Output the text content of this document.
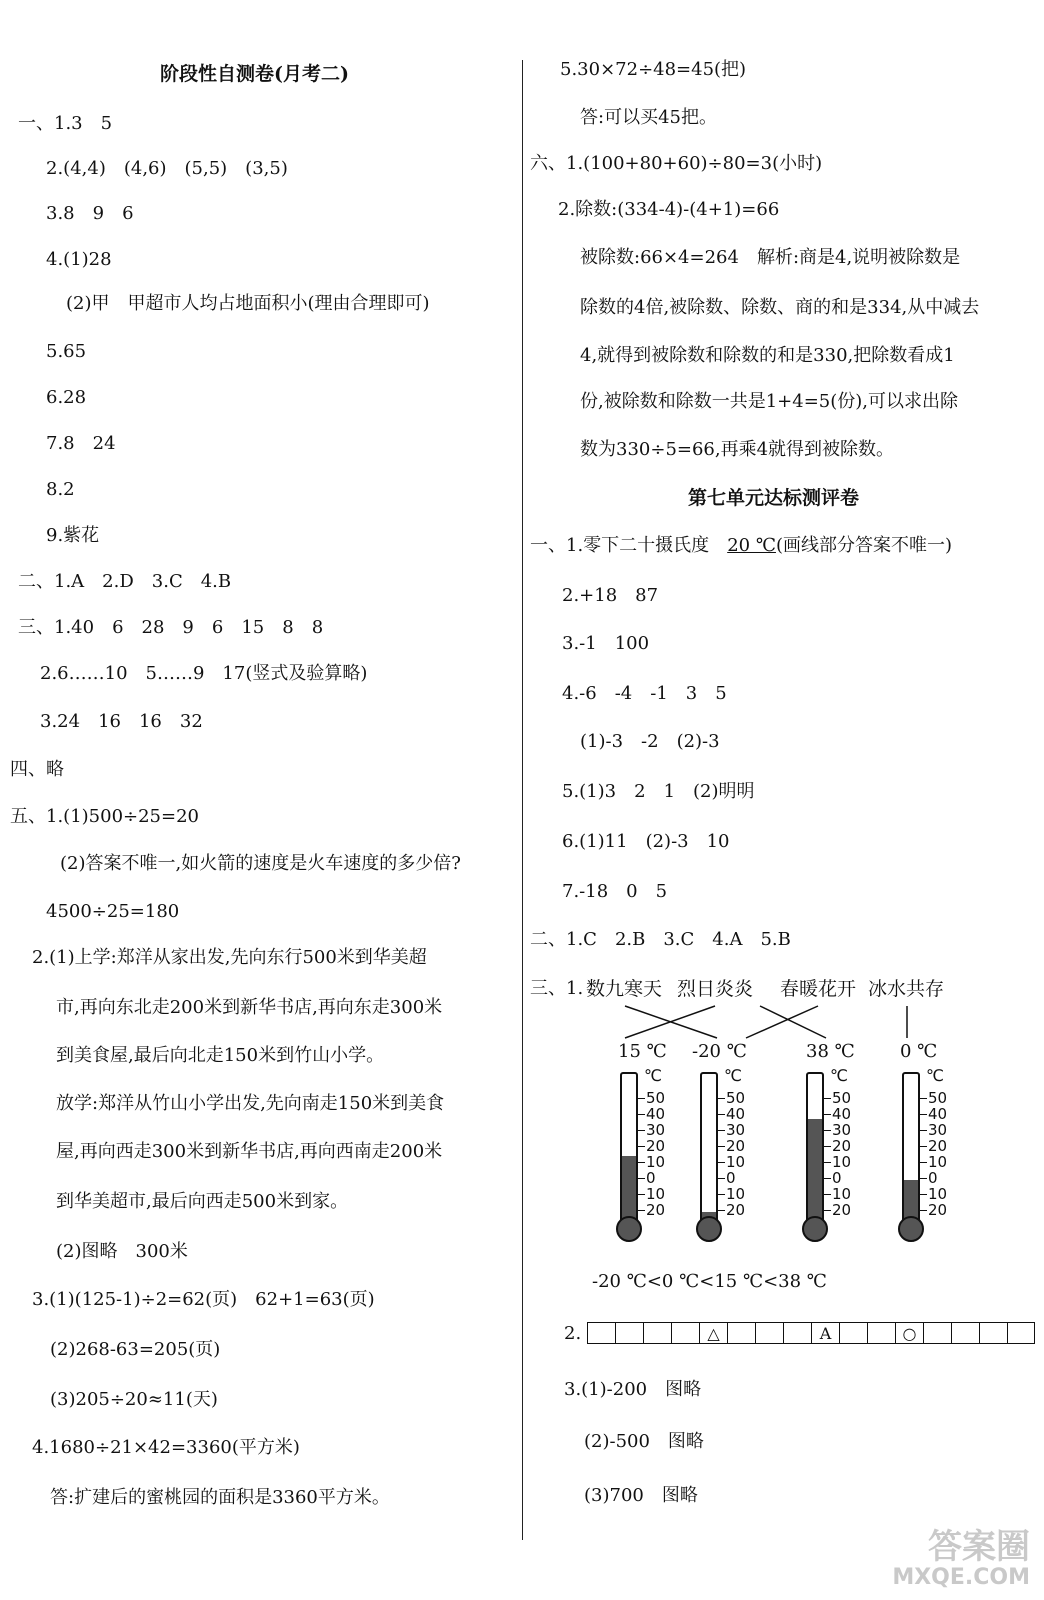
阶段性自测卷(月考二)
一、1.3　5
2.(4,4)　(4,6)　(5,5)　(3,5)
3.8　9　6
4.(1)28
(2)甲　甲超市人均占地面积小(理由合理即可)
5.65
6.28
7.8　24
8.2
9.紫花
二、1.A　2.D　3.C　4.B
三、1.40　6　28　9　6　15　8　8
2.6……10　5……9　17(竖式及验算略)
3.24　16　16　32
四、略
五、1.(1)500÷25=20
(2)答案不唯一,如火箭的速度是火车速度的多少倍?
4500÷25=180
2.(1)上学:郑洋从家出发,先向东行500米到华美超
市,再向东北走200米到新华书店,再向东走300米
到美食屋,最后向北走150米到竹山小学。
放学:郑洋从竹山小学出发,先向南走150米到美食
屋,再向西走300米到新华书店,再向西南走200米
到华美超市,最后向西走500米到家。
(2)图略　300米
3.(1)(125-1)÷2=62(页)　62+1=63(页)
(2)268-63=205(页)
(3)205÷20≈11(天)
4.1680÷21×42=3360(平方米)
答:扩建后的蜜桃园的面积是3360平方米。
5.30×72÷48=45(把)
答:可以买45把。
六、1.(100+80+60)÷80=3(小时)
2.除数:(334-4)-(4+1)=66
被除数:66×4=264　解析:商是4,说明被除数是
除数的4倍,被除数、除数、商的和是334,从中减去
4,就得到被除数和除数的和是330,把除数看成1
份,被除数和除数一共是1+4=5(份),可以求出除
数为330÷5=66,再乘4就得到被除数。
第七单元达标测评卷
一、1.零下二十摄氏度　20 ℃(画线部分答案不唯一)
2.+18　87
3.-1　100
4.-6　-4　-1　3　5
(1)-3　-2　(2)-3
5.(1)3　2　1　(2)明明
6.(1)11　(2)-3　10
7.-18　0　5
二、1.C　2.B　3.C　4.A　5.B
三、1. 数九寒天 烈日炎炎 春暖花开 冰水共存
15 ℃ -20 ℃	38 ℃	0 ℃
℃
50
40
30
20
10
0
10
20
℃
50
40
30
20
10
0
10
20
℃
50
40
30
20
10
0
10
20
℃
50
40
30
20
10
0
10
20
-20 ℃<0 ℃<15 ℃<38 ℃
2.	△	A	○
3.(1)-200　图略
(2)-500　图略
(3)700　图略
答案圈
MXQE.COM
